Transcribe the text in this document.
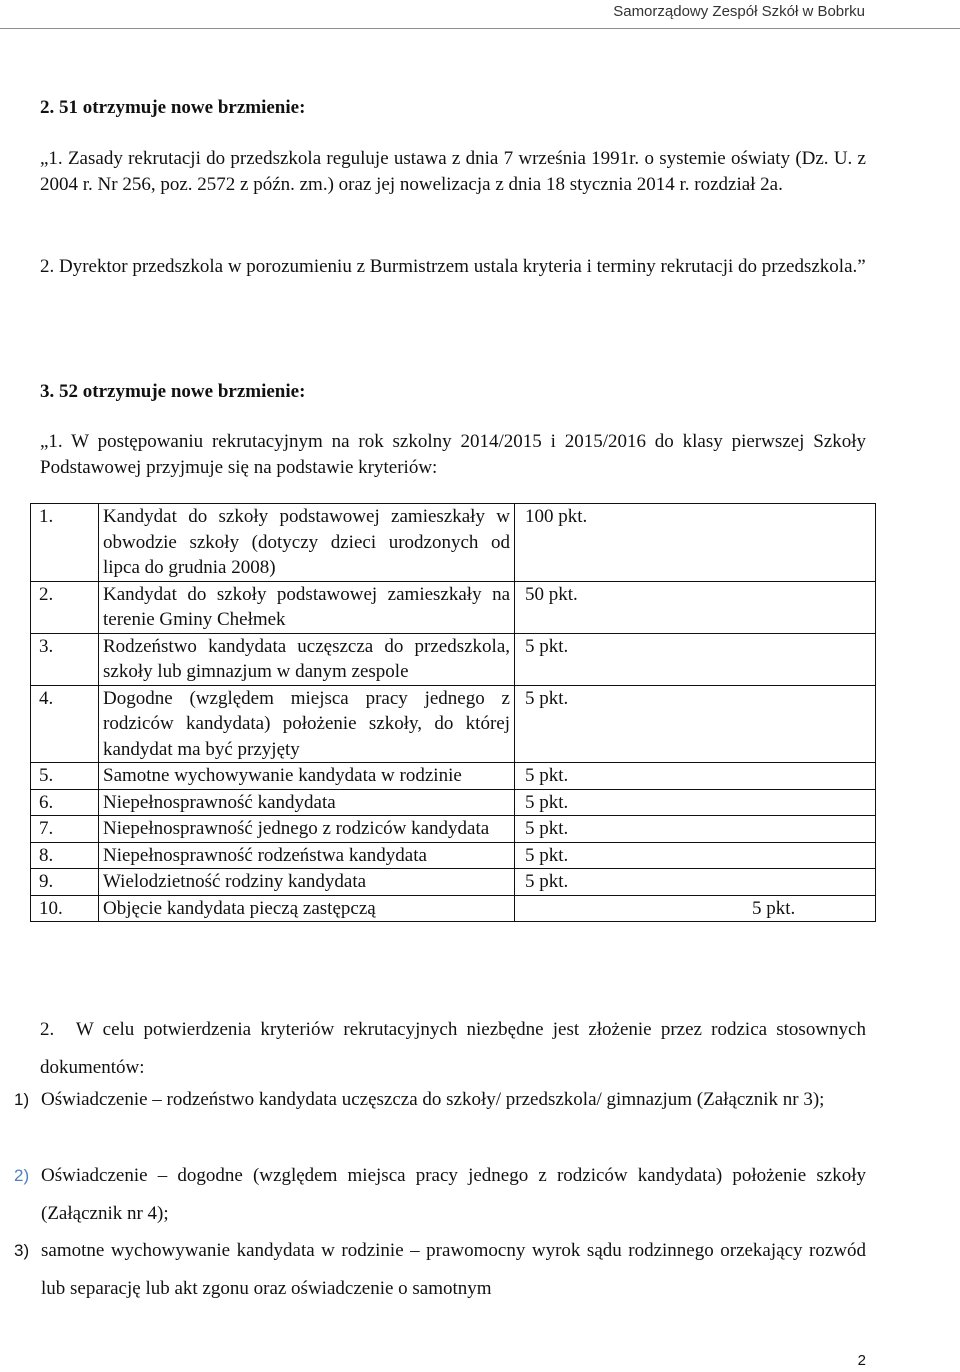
Samorządowy Zespół Szkół w Bobrku
2. 51 otrzymuje nowe brzmienie:
„1. Zasady rekrutacji do przedszkola reguluje ustawa z dnia 7 września 1991r. o systemie oświaty (Dz. U. z 2004 r. Nr 256, poz. 2572 z późn. zm.) oraz jej nowelizacja z dnia 18 stycznia 2014 r. rozdział 2a.
2. Dyrektor przedszkola w porozumieniu z Burmistrzem ustala kryteria i terminy rekrutacji do przedszkola.”
3. 52 otrzymuje nowe brzmienie:
„1. W postępowaniu rekrutacyjnym na rok szkolny 2014/2015 i 2015/2016 do klasy pierwszej Szkoły Podstawowej przyjmuje się na podstawie kryteriów:
1.	Kandydat do szkoły podstawowej zamieszkały w obwodzie szkoły (dotyczy dzieci urodzonych od lipca do grudnia 2008)	100 pkt.
2.	Kandydat do szkoły podstawowej zamieszkały na terenie Gminy Chełmek	50 pkt.
3.	Rodzeństwo kandydata uczęszcza do przedszkola, szkoły lub gimnazjum w danym zespole	5 pkt.
4.	Dogodne (względem miejsca pracy jednego z rodziców kandydata) położenie szkoły, do której kandydat ma być przyjęty	5 pkt.
5.	Samotne wychowywanie kandydata w rodzinie	5 pkt.
6.	Niepełnosprawność kandydata	5 pkt.
7.	Niepełnosprawność jednego z rodziców kandydata	5 pkt.
8.	Niepełnosprawność rodzeństwa kandydata	5 pkt.
9.	Wielodzietność rodziny kandydata	5 pkt.
10.	Objęcie kandydata pieczą zastępczą	5 pkt.
2. W celu potwierdzenia kryteriów rekrutacyjnych niezbędne jest złożenie przez rodzica stosownych dokumentów:
1) Oświadczenie – rodzeństwo kandydata uczęszcza do szkoły/ przedszkola/ gimnazjum (Załącznik nr 3);
2) Oświadczenie – dogodne (względem miejsca pracy jednego z rodziców kandydata) położenie szkoły (Załącznik nr 4);
3) samotne wychowywanie kandydata w rodzinie – prawomocny wyrok sądu rodzinnego orzekający rozwód lub separację lub akt zgonu oraz oświadczenie o samotnym
2
